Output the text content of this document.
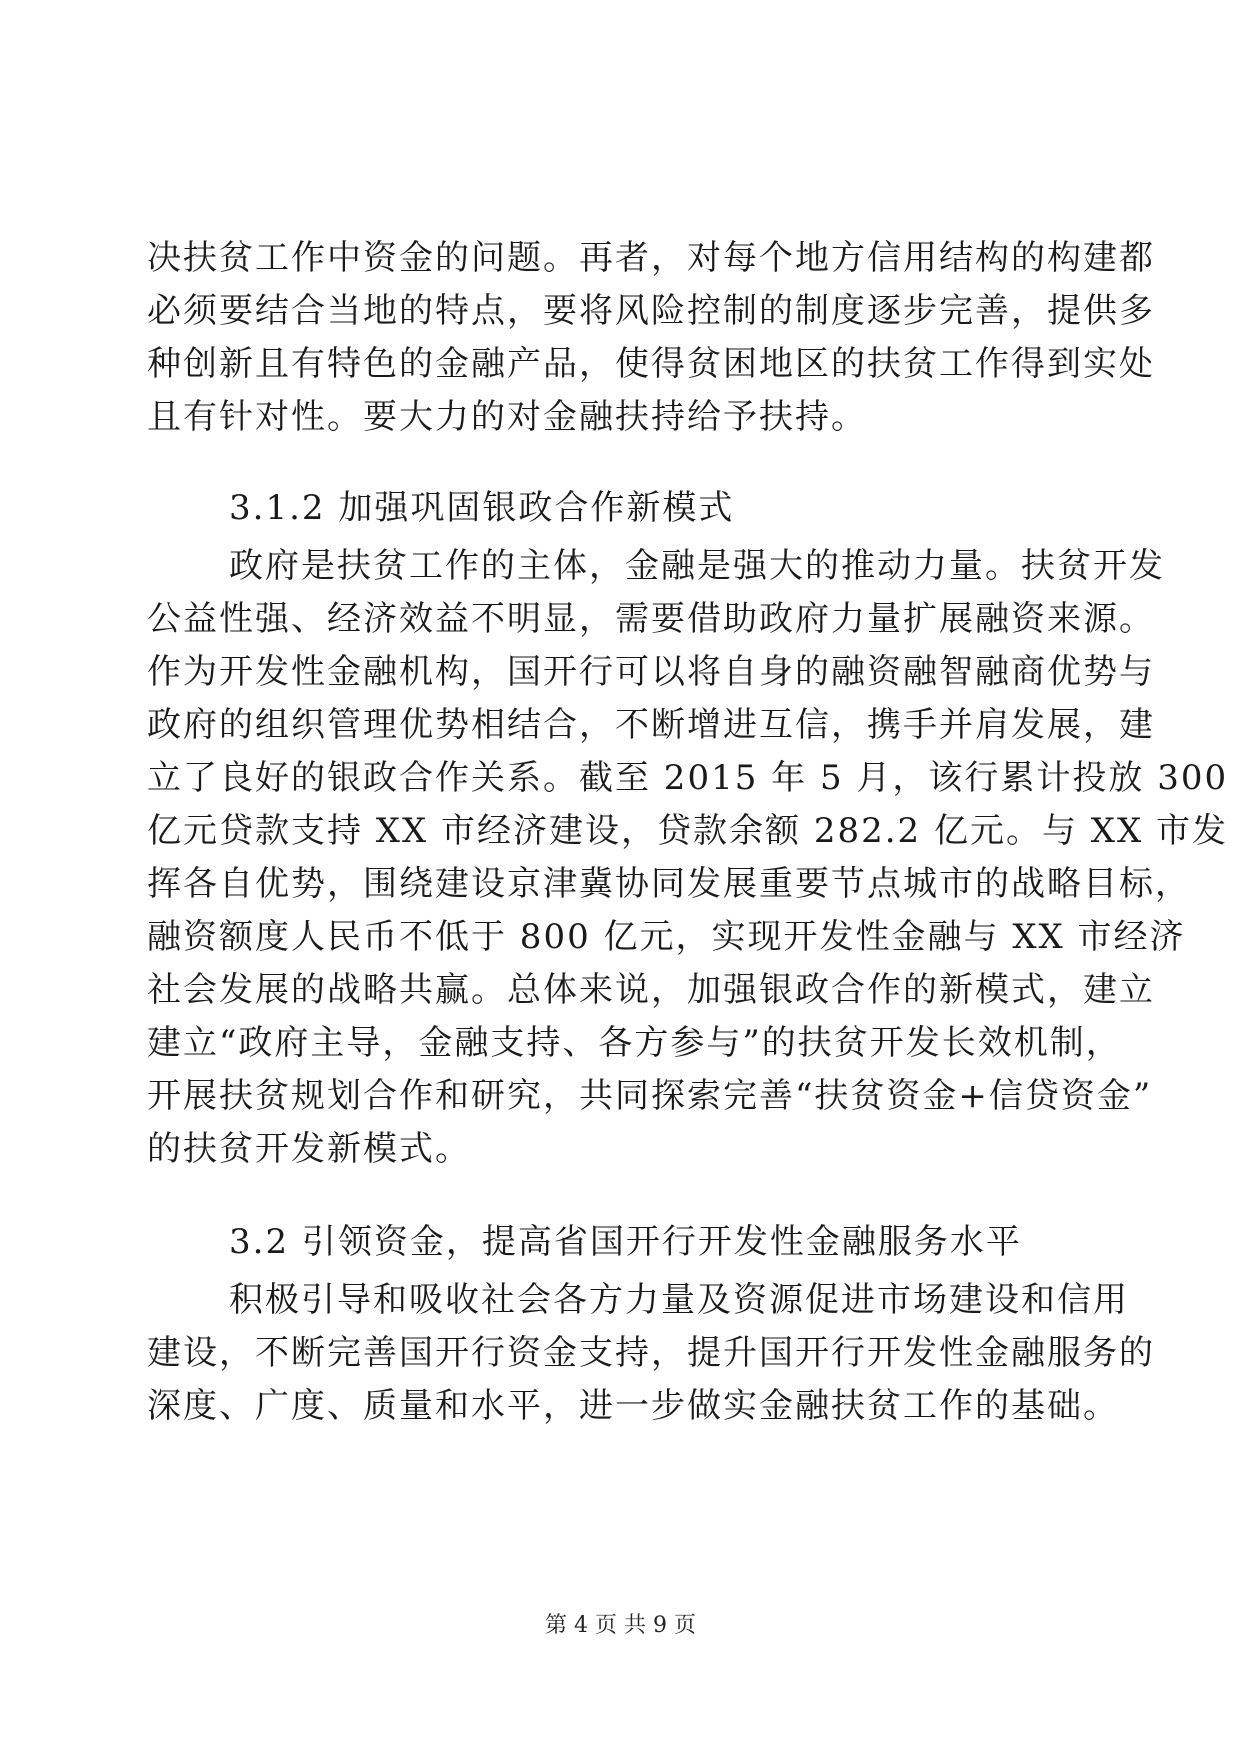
决扶贫工作中资金的问题。再者，对每个地方信用结构的构建都
必须要结合当地的特点，要将风险控制的制度逐步完善，提供多
种创新且有特色的金融产品，使得贫困地区的扶贫工作得到实处
且有针对性。要大力的对金融扶持给予扶持。
3.1.2 加强巩固银政合作新模式
政府是扶贫工作的主体，金融是强大的推动力量。扶贫开发
公益性强、经济效益不明显，需要借助政府力量扩展融资来源。
作为开发性金融机构，国开行可以将自身的融资融智融商优势与
政府的组织管理优势相结合，不断增进互信，携手并肩发展，建
立了良好的银政合作关系。截至 2015 年 5 月，该行累计投放 300
亿元贷款支持 XX 市经济建设，贷款余额 282.2 亿元。与 XX 市发
挥各自优势，围绕建设京津冀协同发展重要节点城市的战略目标，
融资额度人民币不低于 800 亿元，实现开发性金融与 XX 市经济
社会发展的战略共赢。总体来说，加强银政合作的新模式，建立
建立“政府主导，金融支持、各方参与”的扶贫开发长效机制，
开展扶贫规划合作和研究，共同探索完善“扶贫资金+信贷资金”
的扶贫开发新模式。
3.2 引领资金，提高省国开行开发性金融服务水平
积极引导和吸收社会各方力量及资源促进市场建设和信用
建设，不断完善国开行资金支持，提升国开行开发性金融服务的
深度、广度、质量和水平，进一步做实金融扶贫工作的基础。
第 4 页 共 9 页
